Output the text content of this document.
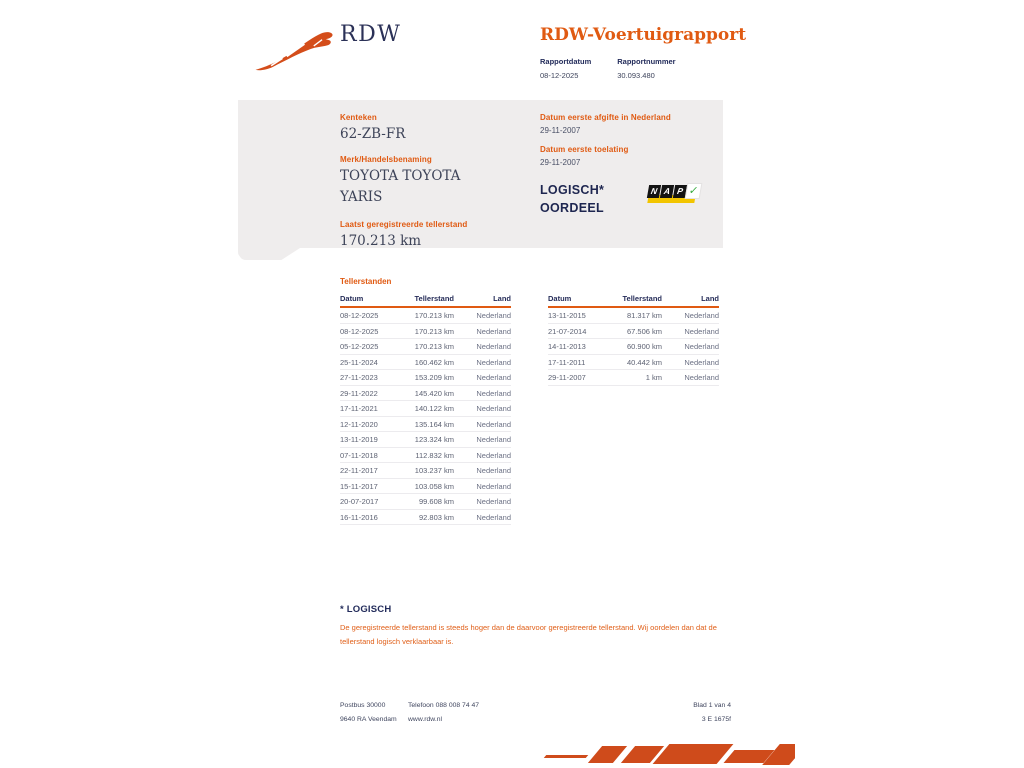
RDW	RDW-Voertuigrapport
Rapportdatum
08-12-2025
Rapportnummer
30.093.480
Kenteken
62-ZB-FR
Merk/Handelsbenaming
TOYOTA TOYOTA YARIS
Laatst geregistreerde tellerstand
170.213 km
Datum eerste afgifte in Nederland
29-11-2007
Datum eerste toelating
29-11-2007
LOGISCH*
OORDEEL
N A P ✓
Tellerstanden
Datum	Tellerstand	Land
08-12-2025	170.213 km	Nederland
08-12-2025	170.213 km	Nederland
05-12-2025	170.213 km	Nederland
25-11-2024	160.462 km	Nederland
27-11-2023	153.209 km	Nederland
29-11-2022	145.420 km	Nederland
17-11-2021	140.122 km	Nederland
12-11-2020	135.164 km	Nederland
13-11-2019	123.324 km	Nederland
07-11-2018	112.832 km	Nederland
22-11-2017	103.237 km	Nederland
15-11-2017	103.058 km	Nederland
20-07-2017	99.608 km	Nederland
16-11-2016	92.803 km	Nederland
Datum	Tellerstand	Land
13-11-2015	81.317 km	Nederland
21-07-2014	67.506 km	Nederland
14-11-2013	60.900 km	Nederland
17-11-2011	40.442 km	Nederland
29-11-2007	1 km	Nederland
* LOGISCH
De geregistreerde tellerstand is steeds hoger dan de daarvoor geregistreerde tellerstand. Wij oordelen dan dat de tellerstand logisch verklaarbaar is.
Postbus 30000
9640 RA Veendam
Telefoon 088 008 74 47
www.rdw.nl
Blad 1 van 4
3 E 1675f
